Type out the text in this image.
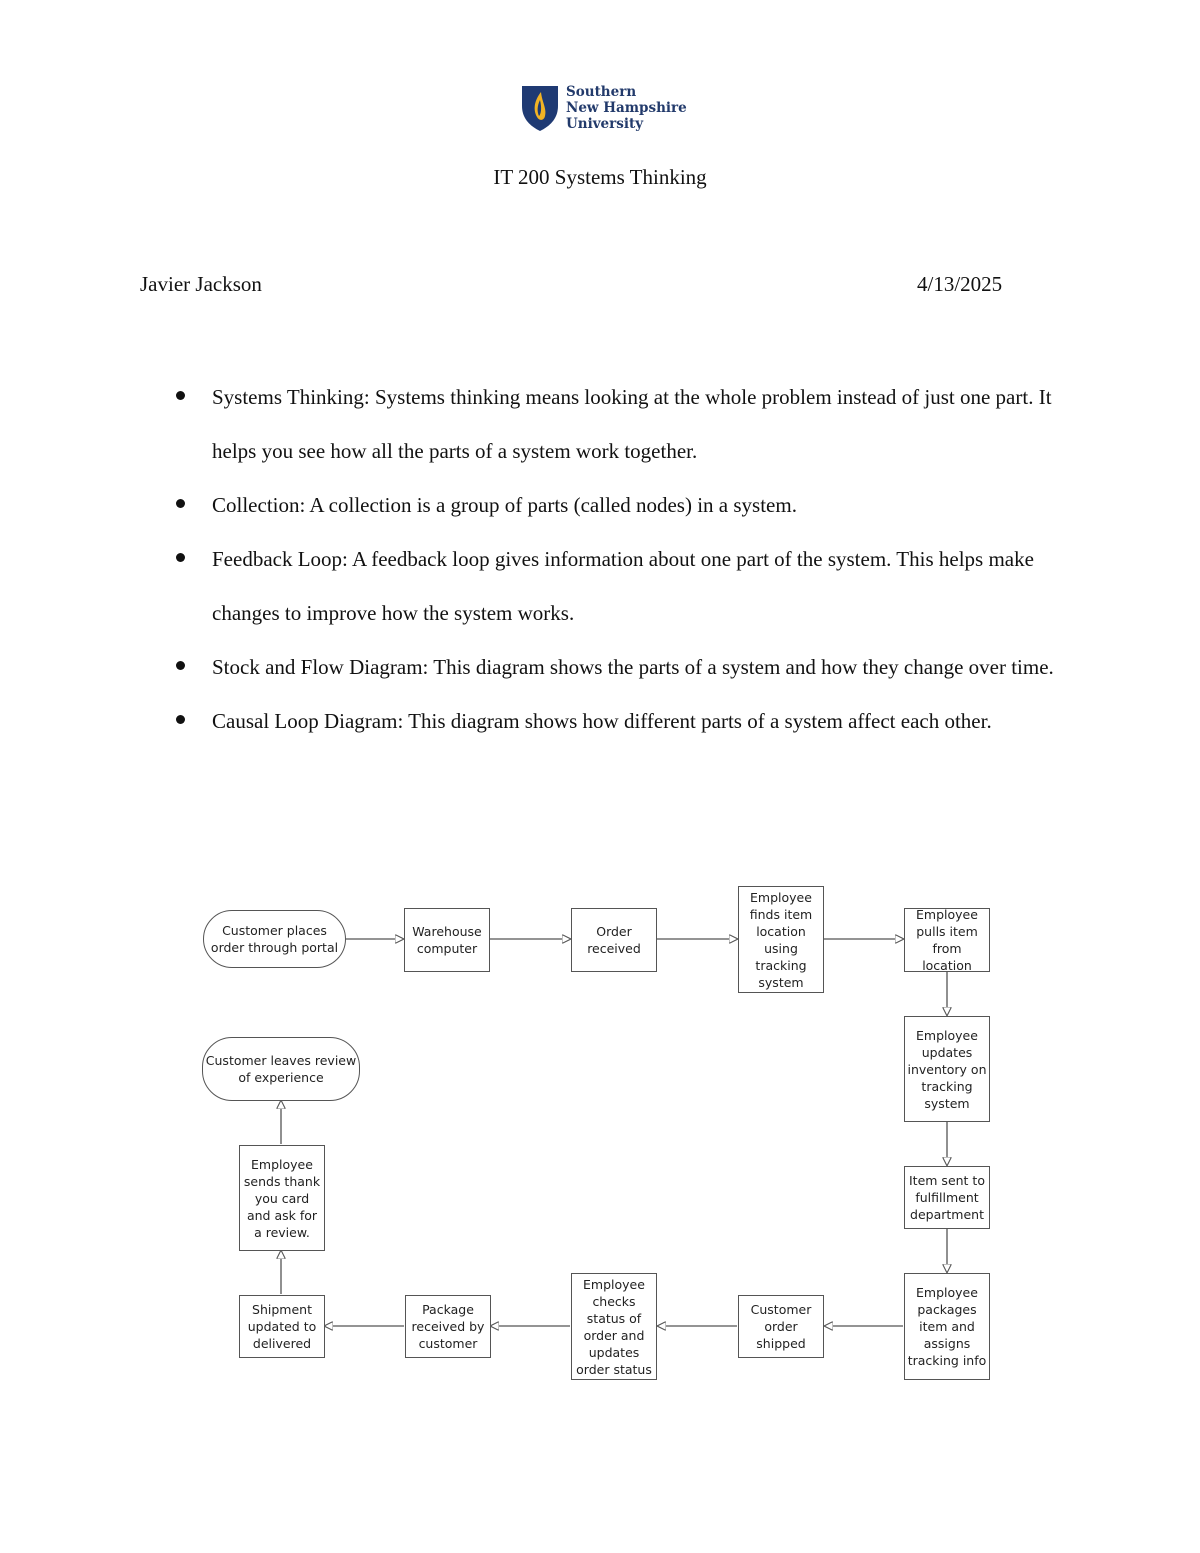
Southern
New Hampshire
University
IT 200 Systems Thinking
Javier Jackson	4/13/2025
Systems Thinking: Systems thinking means looking at the whole problem instead of just one part. It helps you see how all the parts of a system work together.
Collection: A collection is a group of parts (called nodes) in a system.
Feedback Loop: A feedback loop gives information about one part of the system. This helps make changes to improve how the system works.
Stock and Flow Diagram: This diagram shows the parts of a system and how they change over time.
Causal Loop Diagram: This diagram shows how different parts of a system affect each other.
Customer places order through portal
Warehouse computer
Order received
Employee finds item location using tracking system
Employee pulls item from location
Employee updates inventory on tracking system
Item sent to fulfillment department
Employee packages item and assigns tracking info
Customer order shipped
Employee checks status of order and updates order status
Package received by customer
Shipment updated to delivered
Employee sends thank you card and ask for a review.
Customer leaves review of experience
